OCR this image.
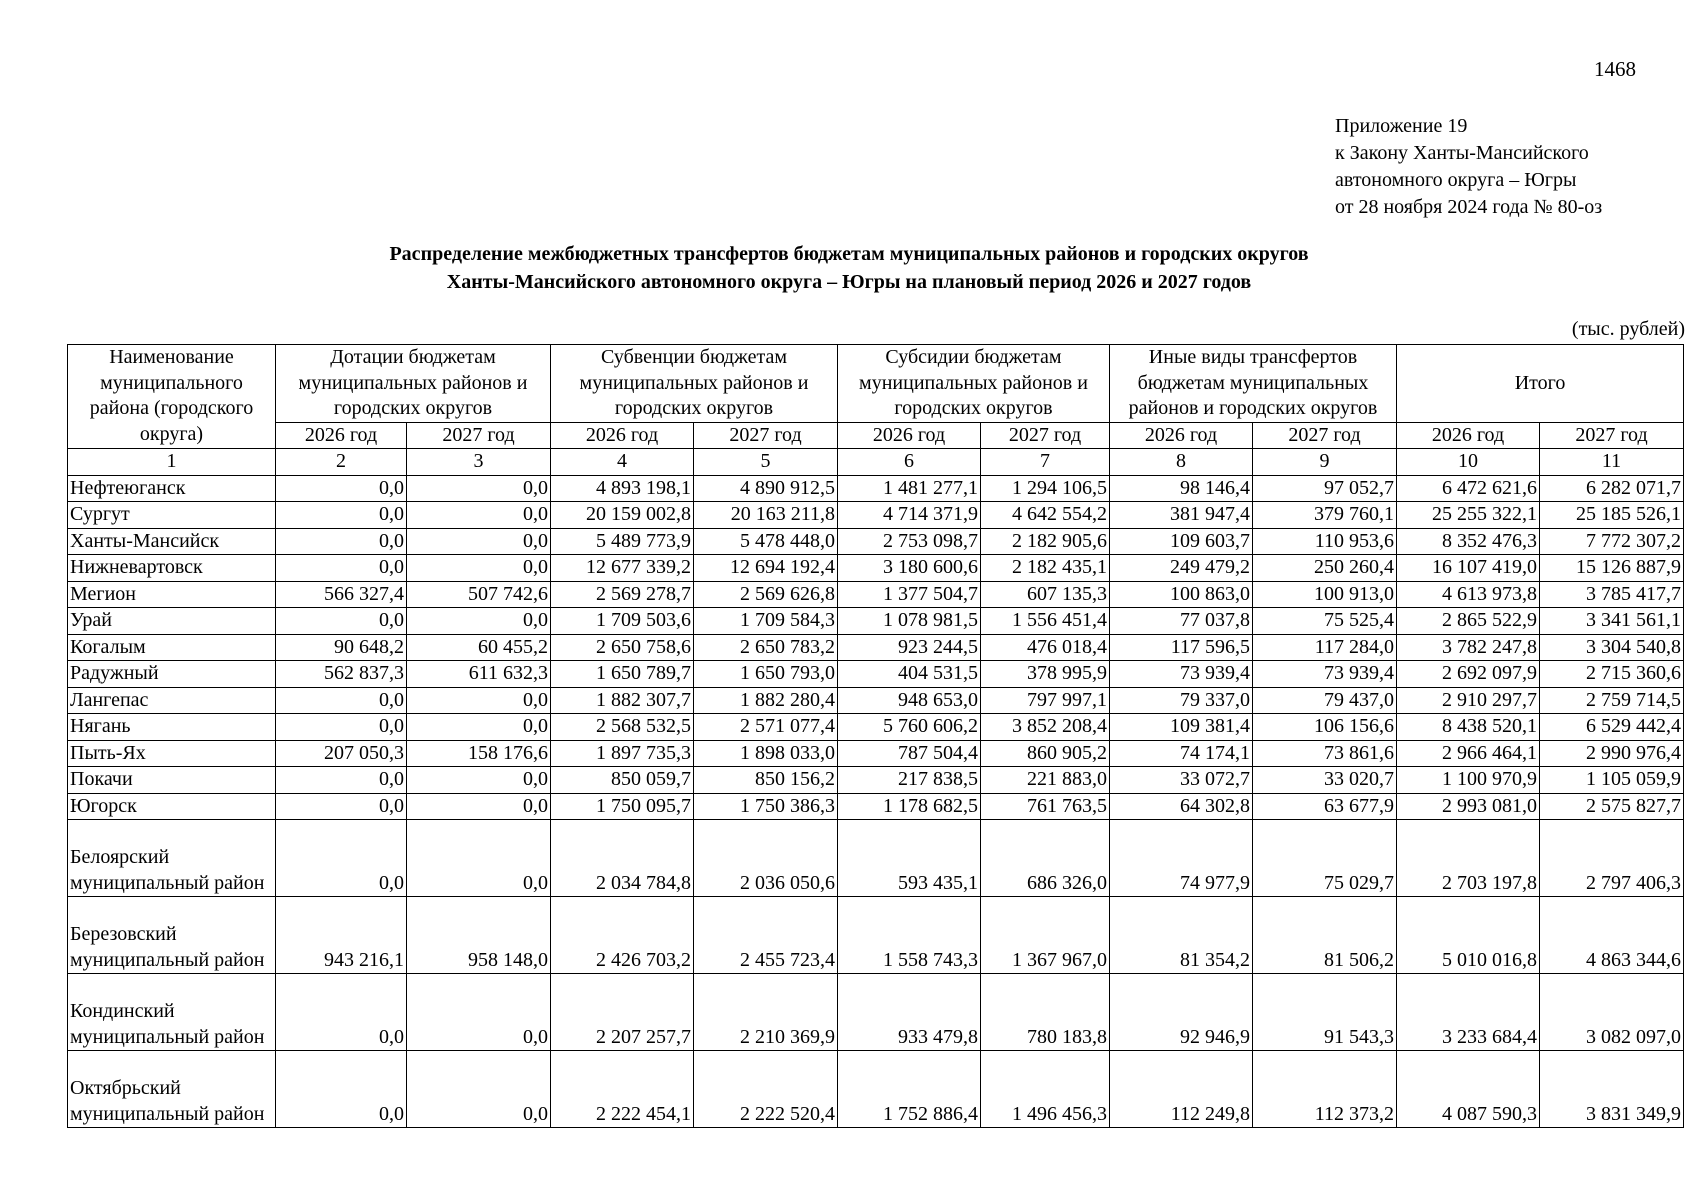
1468
Приложение 19
к Закону Ханты-Мансийского
автономного округа – Югры
от 28 ноября 2024 года № 80-оз
Распределение межбюджетных трансфертов бюджетам муниципальных районов и городских округов
Ханты-Мансийского автономного округа – Югры на плановый период 2026 и 2027 годов
(тыс. рублей)
Наименование муниципального района (городского округа)	Дотации бюджетам муниципальных районов и городских округов		Субвенции бюджетам муниципальных районов и городских округов		Субсидии бюджетам муниципальных районов и городских округов		Иные виды трансфертов бюджетам муниципальных районов и городских округов		Итого	
	2026 год	2027 год	2026 год	2027 год	2026 год	2027 год	2026 год	2027 год	2026 год	2027 год
1	2	3	4	5	6	7	8	9	10	11
Нефтеюганск	0,0	0,0	4 893 198,1	4 890 912,5	1 481 277,1	1 294 106,5	98 146,4	97 052,7	6 472 621,6	6 282 071,7
Сургут	0,0	0,0	20 159 002,8	20 163 211,8	4 714 371,9	4 642 554,2	381 947,4	379 760,1	25 255 322,1	25 185 526,1
Ханты-Мансийск	0,0	0,0	5 489 773,9	5 478 448,0	2 753 098,7	2 182 905,6	109 603,7	110 953,6	8 352 476,3	7 772 307,2
Нижневартовск	0,0	0,0	12 677 339,2	12 694 192,4	3 180 600,6	2 182 435,1	249 479,2	250 260,4	16 107 419,0	15 126 887,9
Мегион	566 327,4	507 742,6	2 569 278,7	2 569 626,8	1 377 504,7	607 135,3	100 863,0	100 913,0	4 613 973,8	3 785 417,7
Урай	0,0	0,0	1 709 503,6	1 709 584,3	1 078 981,5	1 556 451,4	77 037,8	75 525,4	2 865 522,9	3 341 561,1
Когалым	90 648,2	60 455,2	2 650 758,6	2 650 783,2	923 244,5	476 018,4	117 596,5	117 284,0	3 782 247,8	3 304 540,8
Радужный	562 837,3	611 632,3	1 650 789,7	1 650 793,0	404 531,5	378 995,9	73 939,4	73 939,4	2 692 097,9	2 715 360,6
Лангепас	0,0	0,0	1 882 307,7	1 882 280,4	948 653,0	797 997,1	79 337,0	79 437,0	2 910 297,7	2 759 714,5
Нягань	0,0	0,0	2 568 532,5	2 571 077,4	5 760 606,2	3 852 208,4	109 381,4	106 156,6	8 438 520,1	6 529 442,4
Пыть-Ях	207 050,3	158 176,6	1 897 735,3	1 898 033,0	787 504,4	860 905,2	74 174,1	73 861,6	2 966 464,1	2 990 976,4
Покачи	0,0	0,0	850 059,7	850 156,2	217 838,5	221 883,0	33 072,7	33 020,7	1 100 970,9	1 105 059,9
Югорск	0,0	0,0	1 750 095,7	1 750 386,3	1 178 682,5	761 763,5	64 302,8	63 677,9	2 993 081,0	2 575 827,7
Белоярский муниципальный район	0,0	0,0	2 034 784,8	2 036 050,6	593 435,1	686 326,0	74 977,9	75 029,7	2 703 197,8	2 797 406,3
Березовский муниципальный район	943 216,1	958 148,0	2 426 703,2	2 455 723,4	1 558 743,3	1 367 967,0	81 354,2	81 506,2	5 010 016,8	4 863 344,6
Кондинский муниципальный район	0,0	0,0	2 207 257,7	2 210 369,9	933 479,8	780 183,8	92 946,9	91 543,3	3 233 684,4	3 082 097,0
Октябрьский муниципальный район	0,0	0,0	2 222 454,1	2 222 520,4	1 752 886,4	1 496 456,3	112 249,8	112 373,2	4 087 590,3	3 831 349,9
